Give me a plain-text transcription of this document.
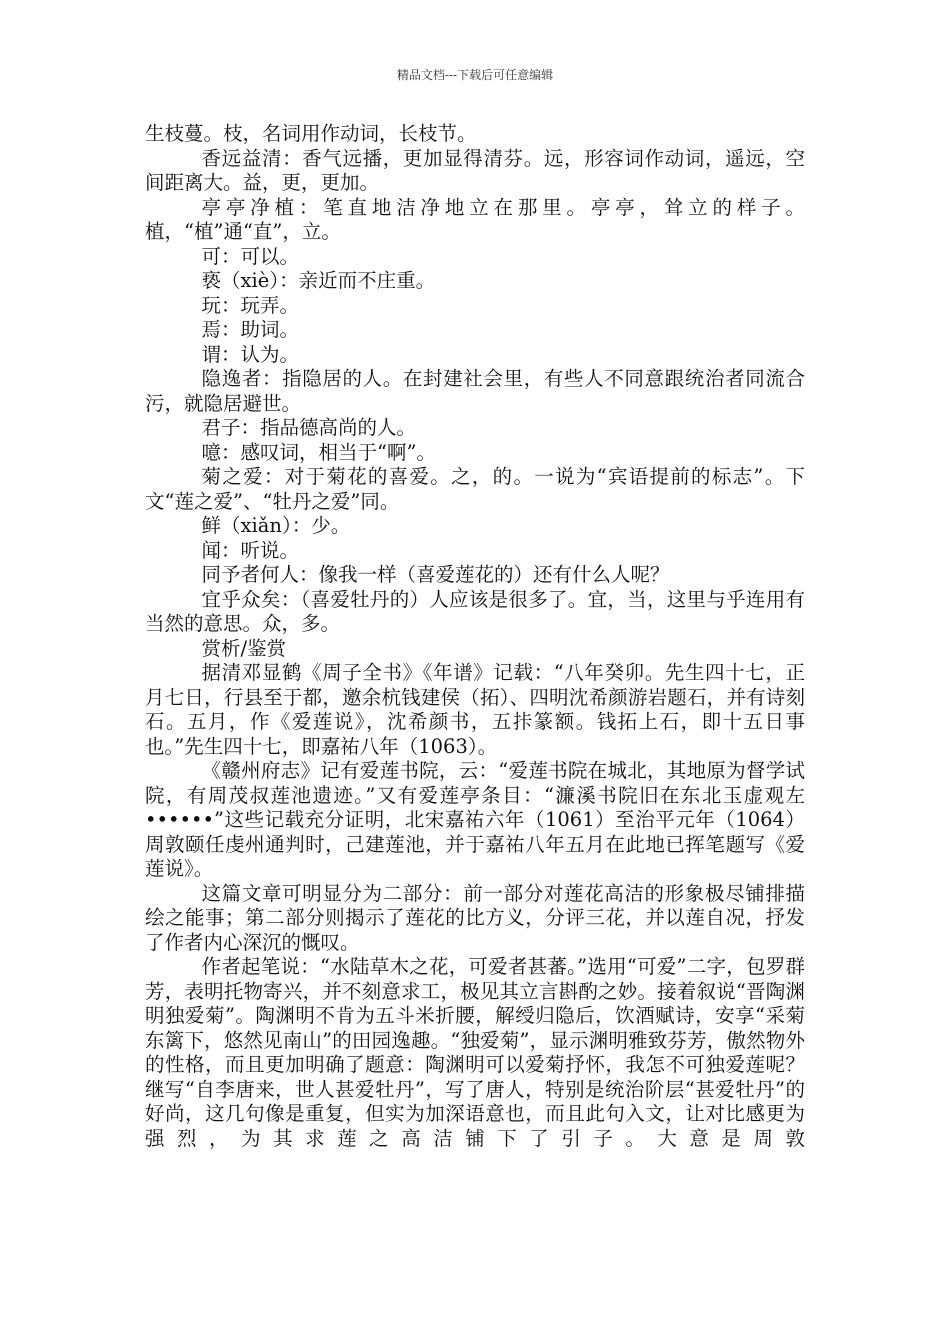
精品文档---下载后可任意编辑

生枝蔓。枝，名词用作动词，长枝节。

香远益清：香气远播，更加显得清芬。远，形容词作动词，遥远，空间距离大。益，更，更加。

亭亭净植：笔直地洁净地立在那里。亭亭，耸立的样子。植，“植”通“直”，立。

可：可以。

亵（xiè）：亲近而不庄重。

玩：玩弄。

焉：助词。

谓：认为。

隐逸者：指隐居的人。在封建社会里，有些人不同意跟统治者同流合污，就隐居避世。

君子：指品德高尚的人。

噫：感叹词，相当于“啊”。

菊之爱：对于菊花的喜爱。之，的。一说为“宾语提前的标志”。下文“莲之爱”、“牡丹之爱”同。

鲜（xiǎn）：少。

闻：听说。

同予者何人：像我一样（喜爱莲花的）还有什么人呢？

宜乎众矣：（喜爱牡丹的）人应该是很多了。宜，当，这里与乎连用有当然的意思。众，多。

赏析/鉴赏

据清邓显鹤《周子全书》《年谱》记载：“八年癸卯。先生四十七，正月七日，行县至于都，邀余杭钱建侯（拓）、四明沈希颜游岩题石，并有诗刻石。五月，作《爱莲说》，沈希颜书，五拤篆额。钱拓上石，即十五日事也。”先生四十七，即嘉祐八年（1063）。

《赣州府志》记有爱莲书院，云：“爱莲书院在城北，其地原为督学试院，有周茂叔莲池遗迹。”又有爱莲亭条目：“濂溪书院旧在东北玉虚观左••••••”这些记载充分证明，北宋嘉祐六年（1061）至治平元年（1064）周敦颐任虔州通判时，己建莲池，并于嘉祐八年五月在此地已挥笔题写《爱莲说》。

这篇文章可明显分为二部分：前一部分对莲花高洁的形象极尽铺排描绘之能事；第二部分则揭示了莲花的比方义，分评三花，并以莲自况，抒发了作者内心深沉的慨叹。

作者起笔说：“水陆草木之花，可爱者甚蕃。”选用“可爱”二字，包罗群芳，表明托物寄兴，并不刻意求工，极见其立言斟酌之妙。接着叙说“晋陶渊明独爱菊”。陶渊明不肯为五斗米折腰，解绶归隐后，饮酒赋诗，安享“采菊东篱下，悠然见南山”的田园逸趣。“独爱菊”，显示渊明雅致芬芳，傲然物外的性格，而且更加明确了题意：陶渊明可以爱菊抒怀，我怎不可独爱莲呢？继写“自李唐来，世人甚爱牡丹”，写了唐人，特别是统治阶层“甚爱牡丹”的好尚，这几句像是重复，但实为加深语意也，而且此句入文，让对比感更为强烈，为其求莲之高洁铺下了引子。大意是周敦
